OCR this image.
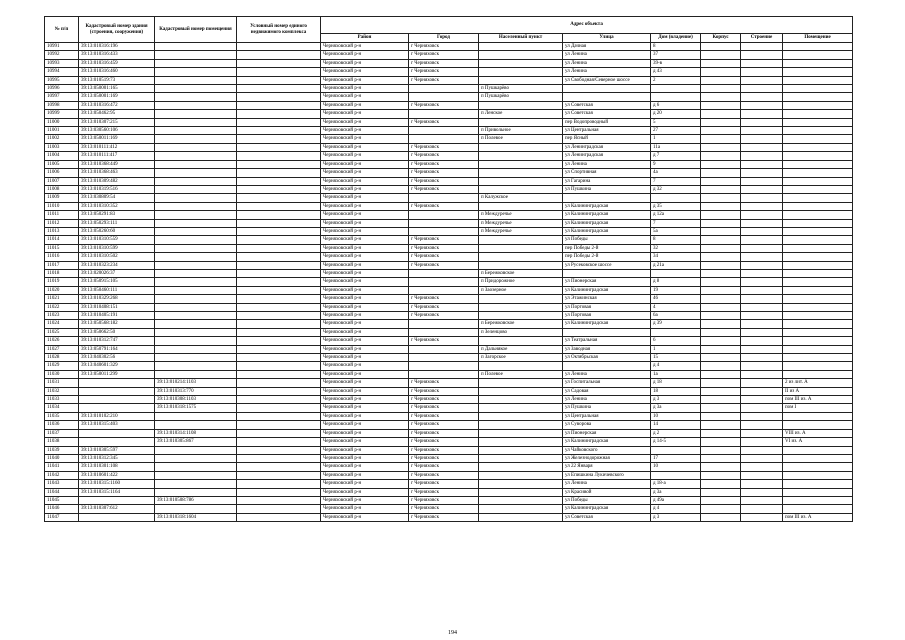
№ п/п	Кадастровый номер здания (строения, сооружения)	Кадастровый номер помещения	Условный номер единого недвижимого комплекса	Адрес объекта							
				Район	Город	Населенный пункт	Улица	Дом (владение)	Корпус	Строение	Помещение
10991	39:13:010316:196			Черняховский р-н	г Черняховск		ул Дачная	8			
10992	39:13:010316:433			Черняховский р-н	г Черняховск		ул Ленина	37			
10993	39:13:010316:459			Черняховский р-н	г Черняховск		ул Ленина	39-в			
10994	39:13:010316:460			Черняховский р-н	г Черняховск		ул Ленина	д 43			
10995	39:13:010519:73			Черняховский р-н	г Черняховск		ул Свободная/Северное шоссе	2			
10996	39:13:050001:165			Черняховский р-н		п Пушкарёво					
10997	39:13:050001:169			Черняховский р-н		п Пушкарёво					
10998	39:13:010316:472			Черняховский р-н	г Черняховск		ул Советская	д 6			
10999	39:13:050462:95			Черняховский р-н		п Ленское	ул Советская	д 20			
11000	39:13:010307:215			Черняховский р-н	г Черняховск		пер Водопроводный	5			
11001	39:13:030560:106			Черняховский р-н		п Привольное	ул Центральная	27			
11002	39:13:050011:169			Черняховский р-н		п Полевое	пер Ясный	1			
11003	39:13:010111:412			Черняховский р-н	г Черняховск		ул Ленинградская	11а			
11004	39:13:010111:417			Черняховский р-н	г Черняховск		ул Ленинградская	д 7			
11005	39:13:010368:449			Черняховский р-н	г Черняховск		ул Ленина	9			
11006	39:13:010368:463			Черняховский р-н	г Черняховск		ул Спортивная	4а			
11007	39:13:010309:482			Черняховский р-н	г Черняховск		ул Гагарина	7			
11008	39:13:010319:516			Черняховский р-н	г Черняховск		ул Пушкина	д 32			
11009	39:13:030809:54			Черняховский р-н		п Калужское					
11010	39:13:010310:352			Черняховский р-н	г Черняховск		ул Калининградская	д 35			
11011	39:13:050291:83			Черняховский р-н		п Междуречье	ул Калининградская	д 12а			
11012	39:13:050293:111			Черняховский р-н		п Междуречье	ул Калининградская	7			
11013	39:13:050260:60			Черняховский р-н		п Междуречье	ул Калининградская	5а			
11014	39:13:010310:559			Черняховский р-н	г Черняховск		ул Победы	8			
11015	39:13:010310:599			Черняховский р-н	г Черняховск		пер Победы 2-й	32			
11016	39:13:010310:502			Черняховский р-н	г Черняховск		пер Победы 2-й	34			
11017	39:13:010323:234			Черняховский р-н	г Черняховск		ул Русековское шоссе	д 21а			
11018	39:13:020026:37			Черняховский р-н		п Бережковское					
11019	39:13:050915:105			Черняховский р-н		п Придорожное	ул Пионерская	д 8			
11020	39:13:050460:111			Черняховский р-н		п Заозерное	ул Калининградская	19			
11021	39:13:010329:268			Черняховский р-н	г Черняховск		ул Этажинская	46			
11022	39:13:010408:151			Черняховский р-н	г Черняховск		ул Портовая	4			
11023	39:13:010405:191			Черняховский р-н	г Черняховск		ул Портовая	6а			
11024	39:13:050568:182			Черняховский р-н		п Бережковское	ул Калининградская	д 39			
11025	39:13:050662:50			Черняховский р-н		п Зеленцово					
11026	39:13:010312:747			Черняховский р-н	г Черняховск		ул Театральная	6			
11027	39:13:050791:164			Черняховский р-н		п Дальнякое	ул Заводная	1			
11028	39:13:040302:56			Черняховский р-н		п Загорское	ул Октябрьская	15			
11029	39:13:040601:329			Черняховский р-н				д 4			
11030	39:13:050011:299			Черняховский р-н		п Полевое	ул Ленина	1а			
11031		39:13:010214:1103		Черняховский р-н	г Черняховск		ул Госпитальная	д 18			2 из лит. А
11032		39:13:010313:770		Черняховский р-н	г Черняховск		ул Садовая	18			II из А
11033		39:13:010308:1103		Черняховский р-н	г Черняховск		ул Ленина	д 3			пом III из. А
11034		39:13:010318:1575		Черняховский р-н	г Черняховск		ул Пушкина	д 3а			пом I
11035	39:13:010102:210			Черняховский р-н	г Черняховск		ул Центральная	10			
11036	39:13:010315:403			Черняховский р-н	г Черняховск		ул Суворова	14			
11037		39:13:010314:1108		Черняховский р-н	г Черняховск		ул Пионерская	д 2			VIII из. А
11038		39:13:010305:867		Черняховский р-н	г Черняховск		ул Калининградская	д 14-5			VI из. А
11039	39:13:010305:597			Черняховский р-н	г Черняховск		ул Чайковского				
11040	39:13:010312:345			Черняховский р-н	г Черняховск		ул Железнодорожная	17			
11041	39:13:010301:108			Черняховский р-н	г Черняховск		ул 22 Января	10			
11042	39:13:010601:422			Черняховский р-н	г Черняховск		ул Епишкина Лукичевского				
11043	39:13:010315:1160			Черняховский р-н	г Черняховск		ул Ленина	д 18-а			
11044	39:13:010315:1164			Черняховский р-н	г Черняховск		ул Красивой	д 3а			
11045		39:13:010508:786		Черняховский р-н	г Черняховск		ул Победы	д 49а			
11046	39:13:010307:612			Черняховский р-н	г Черняховск		ул Калининградская	д 4			
11047		39:13:010318:1604		Черняховский р-н	г Черняховск		ул Советская	д 3			пом III из. А
194
